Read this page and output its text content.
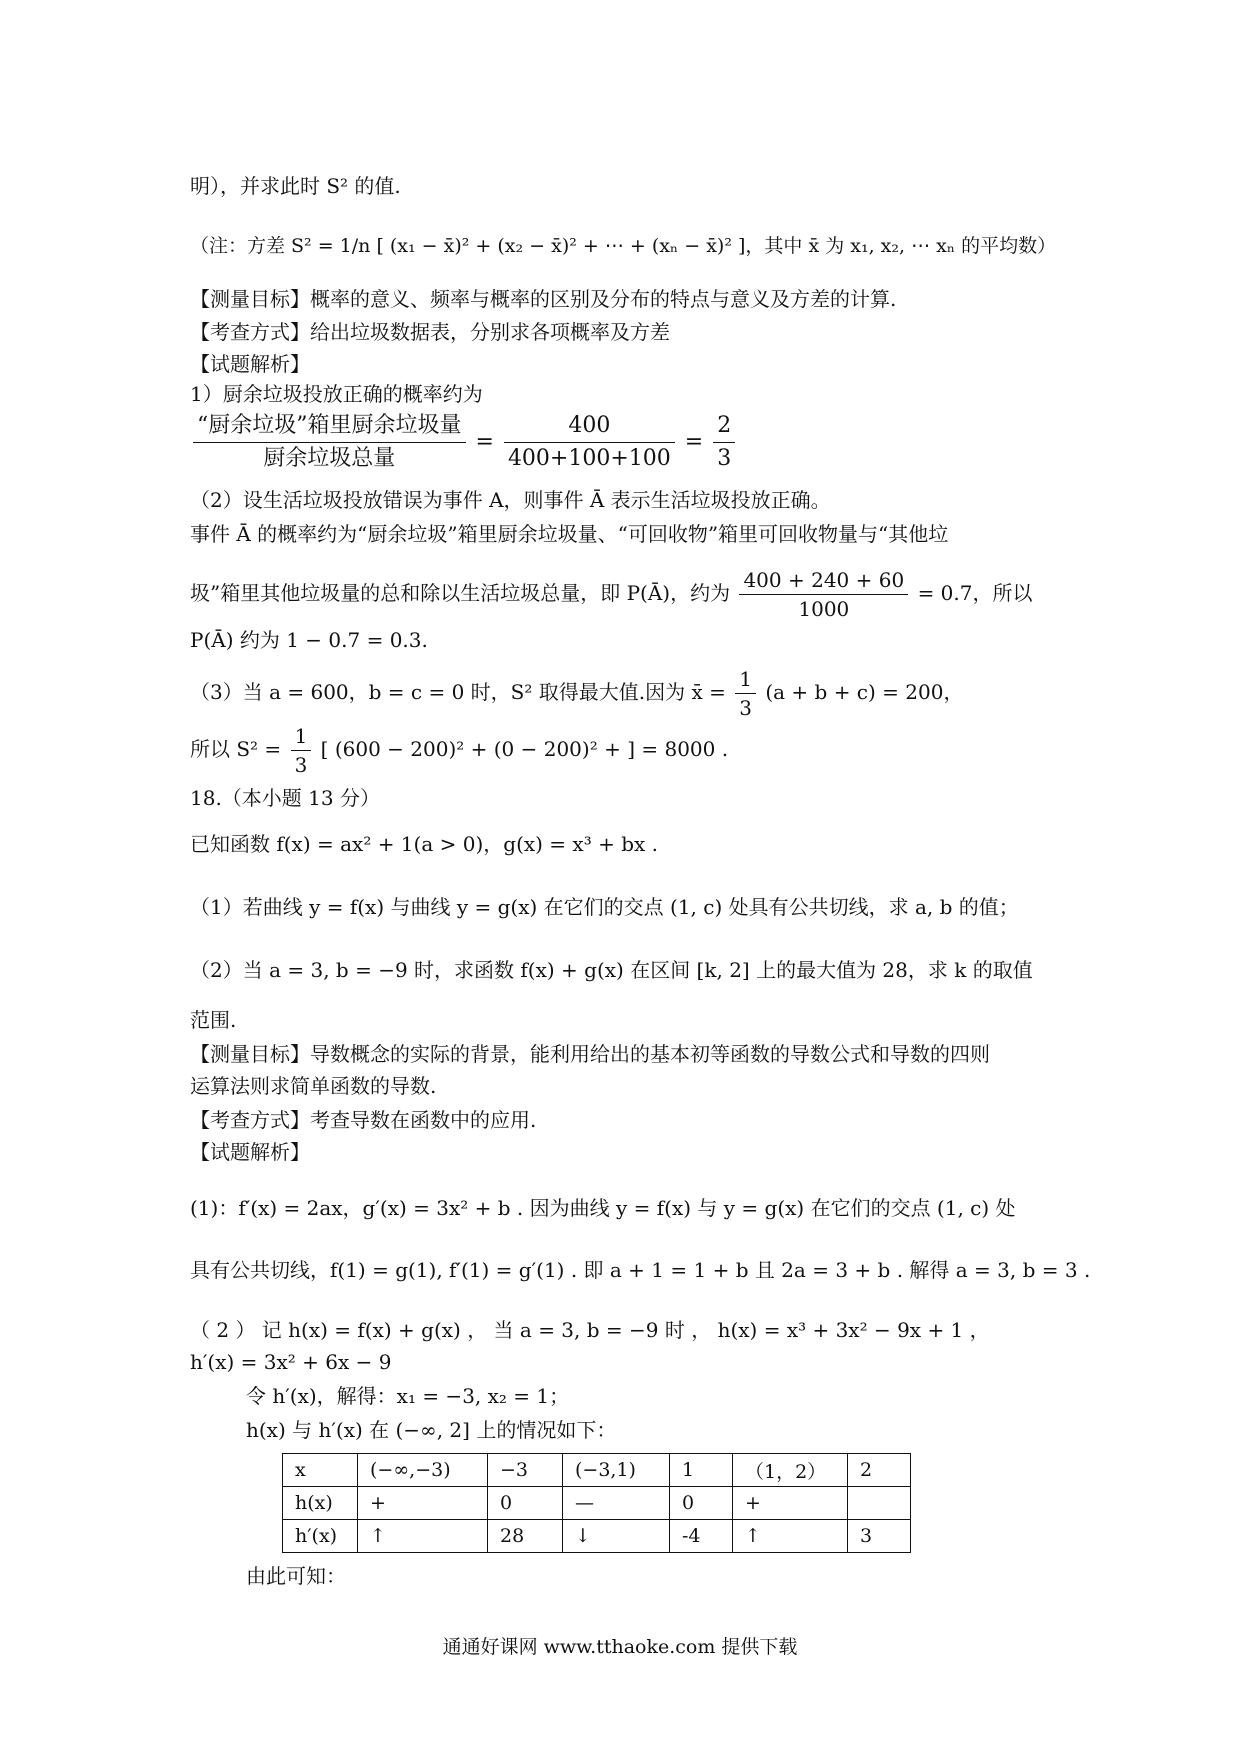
明），并求此时 S² 的值.
（注：方差 S² = 1/n [ (x₁ − x̄)² + (x₂ − x̄)² + ⋯ + (xₙ − x̄)² ]，其中 x̄ 为 x₁, x₂, ⋯ xₙ 的平均数）
【测量目标】概率的意义、频率与概率的区别及分布的特点与意义及方差的计算.
【考查方式】给出垃圾数据表，分别求各项概率及方差
【试题解析】
1）厨余垃圾投放正确的概率约为
$\frac{\text{“厨余垃圾”箱里厨余垃圾量}}{\text{厨余垃圾总量}} = \frac{400}{400+100+100} = \frac{2}{3}$
（2）设生活垃圾投放错误为事件 A，则事件 Ā 表示生活垃圾投放正确。
事件 Ā 的概率约为“厨余垃圾”箱里厨余垃圾量、“可回收物”箱里可回收物量与“其他垃
圾”箱里其他垃圾量的总和除以生活垃圾总量，即 P(Ā)，约为 $\frac{400 + 240 + 60}{1000} = 0.7$，所以
P(Ā) 约为 1 − 0.7 = 0.3.
（3）当 a = 600，b = c = 0 时，S² 取得最大值.因为 x̄ = $\frac{1}{3} (a + b + c) = 200$，
所以 $S^2 = \frac{1}{3}$ [ (600 − 200)² + (0 − 200)² + ] = 8000 .
18.（本小题 13 分）
已知函数 f(x) = ax² + 1(a > 0)，g(x) = x³ + bx .
（1）若曲线 y = f(x) 与曲线 y = g(x) 在它们的交点 (1, c) 处具有公共切线，求 a, b 的值；
（2）当 a = 3, b = −9 时，求函数 f(x) + g(x) 在区间 [k, 2] 上的最大值为 28，求 k 的取值
范围.
【测量目标】导数概念的实际的背景，能利用给出的基本初等函数的导数公式和导数的四则
运算法则求简单函数的导数.
【考查方式】考查导数在函数中的应用.
【试题解析】
(1)：f′(x) = 2ax，g′(x) = 3x² + b . 因为曲线 y = f(x) 与 y = g(x) 在它们的交点 (1, c) 处
具有公共切线，f(1) = g(1), f′(1) = g′(1) . 即 a + 1 = 1 + b 且 2a = 3 + b . 解得 a = 3, b = 3 .
（ 2 ） 记 h(x) = f(x) + g(x) ， 当 a = 3, b = −9 时 ， h(x) = x³ + 3x² − 9x + 1 ，
h′(x) = 3x² + 6x − 9
令 h′(x)，解得：x₁ = −3, x₂ = 1；
h(x) 与 h′(x) 在 (−∞, 2] 上的情况如下：
x	(−∞,−3)	−3	(−3,1)	1	（1，2）	2
h(x)	+	0	—	0	+	
h′(x)	↑	28	↓	-4	↑	3
由此可知：
通通好课网 www.tthaoke.com 提供下载
